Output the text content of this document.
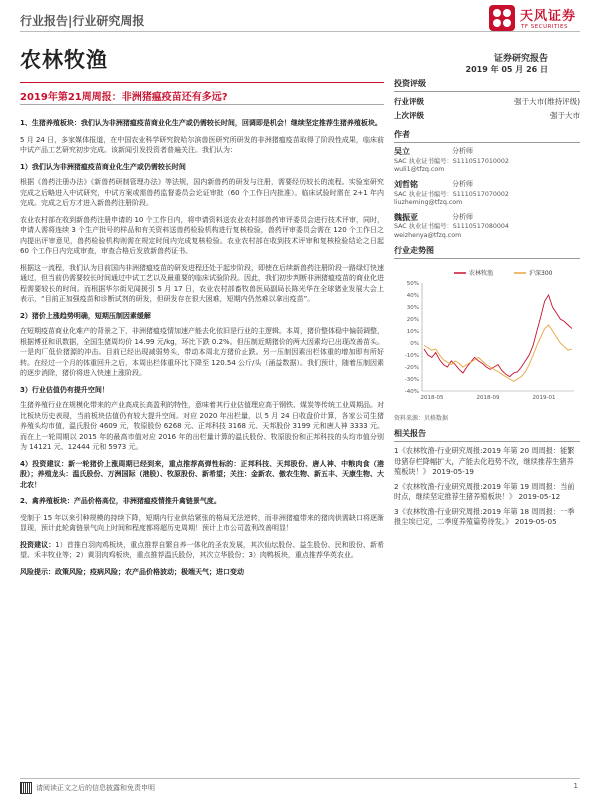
行业报告|行业研究周报	天风证券
TF SECURITIES
农林牧渔	证券研究报告
2019 年 05 月 26 日
2019年第21周周报：非洲猪瘟疫苗还有多远?

1、生猪养殖板块：我们认为非洲猪瘟疫苗商业化生产或仍需较长时间，回调即是机会！继续坚定推荐生猪养殖板块。

5 月 24 日，多家媒体报道，在中国农业科学研究院哈尔滨兽医研究所研发的非洲猪瘟疫苗取得了阶段性成果，临床前中试产品工艺研究初步完成。该新闻引发投资者普遍关注。我们认为：

1）我们认为非洲猪瘟疫苗商业化生产或仍需较长时间

根据《兽药注册办法》《新兽药研制管理办法》等法规，国内新兽药的研发与注册，需要经历较长的流程。实验室研究完成之后略进入中试研究，中试方案或需兽药监督委员会论证审批（60 个工作日内批准）。临床试验时需在 2+1 年内完成。完成之后方才进入新兽药注册阶段。

农业农村部在收到新兽药注册申请的 10 个工作日内，将申请资料送农业农村部兽药审评委员会进行技术评审，同时，申请人需将连续 3 个生产批号的样品和有关资料送兽药检验机构进行复核检验，兽药评审委员会需在 120 个工作日之内提出评审意见，兽药检验机构则需在规定时间内完成复核检验。农业农村部在收到技术评审和复核检验结论之日起 60 个工作日内完成审查，审查合格后发放新兽药证书。

根据这一流程，我们认为目前国内非洲猪瘟疫苗的研发进程还处于起步阶段，即使在后续新兽药注册阶段一路绿灯快速通过，但当前仍需要较长时间通过中试工艺以及最重要的临床试验阶段。因此，我们初步判断非洲猪瘟疫苗的商业化进程需要较长的时间。而根据华尔街见闻援引 5 月 17 日，农业农村部畜牧兽医局副局长陈光华在全球猪业发展大会上表示，“目前正加强疫苗和诊断试剂的研发，但研发存在很大困难，短期内仍然难以拿出疫苗”。

2）猪价上涨趋势明确，短期压制因素缓解

在短期疫苗商业化难产的背景之下，非洲猪瘟疫情加速产能去化依旧是行业的主逻辑。本周，猪价整体稳中偏弱调整，根据博亚和讯数据，全国生猪周均价 14.99 元/kg，环比下跌 0.2%。但压制近期猪价的两大因素均已出现改善苗头。一是肉厂低价猪源的冲击。目前已经出现减弱势头，带动本周北方猪价止跌。另一压制因素出栏体重的增加即有所好转。在经过一个月的体重回升之后，本周出栏体重环比下降至 120.54 公斤/头（涌益数据）。我们预计，随着压制因素的逐步消除，猪价将进入快速上涨阶段。

3）行业估值仍有提升空间！

生猪养殖行业在规模化带来的产业高成长高盈利的特性，意味着其行业估值理应高于钢铁、煤炭等传统工业周期品。对比板块历史表现，当前板块估值仍有较大提升空间。对应 2020 年出栏量，以 5 月 24 日收盘价计算，各家公司生猪养殖头均市值，温氏股份 4609 元，牧原股份 6268 元、正邦科技 3168 元、天邦股份 3199 元和唐人神 3333 元。而在上一轮周期以 2015 年的最高市值对应 2016 年的出栏量计算的温氏股份、牧原股份和正邦科技的头均市值分别为 14121 元、12444 元和 5973 元。

4）投资建议：新一轮猪价上涨周期已经到来，重点推荐高弹性标的：正邦科技、天邦股份、唐人神、中粮肉食（港股）；养殖龙头：温氏股份、万洲国际（港股）、牧原股份、新希望；关注：金新农、傲农生物、新五丰、天康生物、大北农！

2、禽养殖板块：产品价格高位，非洲猪瘟疫情推升禽链景气度。

受制于 15 年以来引种规模的持续下降，短期内行业供给紧张的格局无法逆转，而非洲猪瘟带来的猪肉供需缺口将逐渐显现，预计此轮禽链景气向上时间和程度都将超历史周期！预计上市公司盈利改善明显！

投资建议：1）首推白羽肉鸡板块，重点推荐自繁自养一体化的圣农发展，其次仙坛股份、益生股份、民和股份、新希望、禾丰牧业等；2）黄羽肉鸡板块，重点推荐温氏股份，其次立华股份；3）肉鸭板块，重点推荐华英农业。

风险提示：政策风险；疫病风险；农产品价格波动；极端天气；进口变动

投资评级
行业评级	强于大市(维持评级)
上次评级	强于大市
作者
吴立	分析师
SAC 执业证书编号：S1110517010002
wuli1@tfzq.com
刘哲铭	分析师
SAC 执业证书编号：S1110517070002
liuzheming@tfzq.com
魏振亚	分析师
SAC 执业证书编号：S1110517080004
weizhenya@tfzq.com
行业走势图
50%
40%
30%
20%
10%
0%
-10%
-20%
-30%
-40%
2018-05	2018-09	2019-01
农林牧渔	沪深300
资料来源：贝格数据
相关报告
1《农林牧渔-行业研究周报:2019 年第 20 周周报：能繁母猪存栏降幅扩大，产能去化趋势不改，继续推荐生猪养殖板块！》 2019-05-19
2《农林牧渔-行业研究周报:2019 年第 19 周周报：当前时点，继续坚定推荐生猪养殖板块！》 2019-05-12
3《农林牧渔-行业研究周报:2019 年第 18 周周报：一季报尘埃已定，二季度养殖篇势待发。》 2019-05-05
请阅读正文之后的信息披露和免责申明	1
